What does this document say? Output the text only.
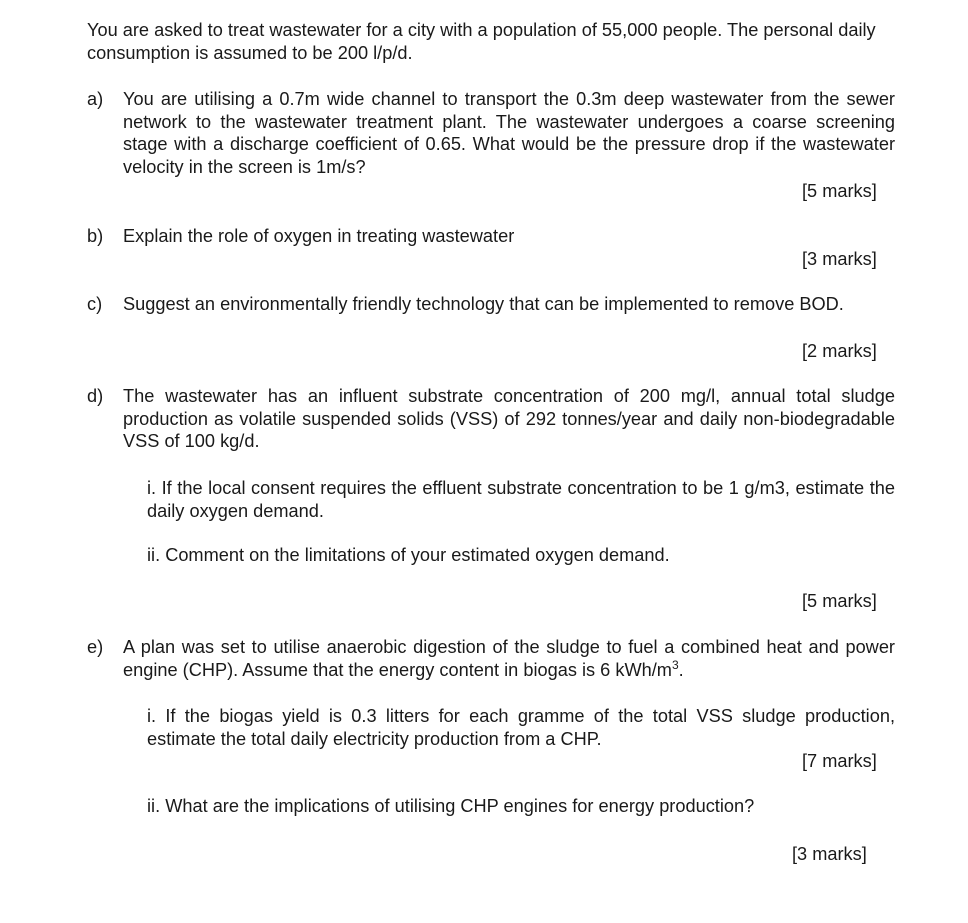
You are asked to treat wastewater for a city with a population of 55,000 people. The personal daily consumption is assumed to be 200 l/p/d.
a) You are utilising a 0.7m wide channel to transport the 0.3m deep wastewater from the sewer network to the wastewater treatment plant. The wastewater undergoes a coarse screening stage with a discharge coefficient of 0.65. What would be the pressure drop if the wastewater velocity in the screen is 1m/s?
[5 marks]
b) Explain the role of oxygen in treating wastewater
[3 marks]
c) Suggest an environmentally friendly technology that can be implemented to remove BOD.
[2 marks]
d) The wastewater has an influent substrate concentration of 200 mg/l, annual total sludge production as volatile suspended solids (VSS) of 292 tonnes/year and daily non-biodegradable VSS of 100 kg/d.
i. If the local consent requires the effluent substrate concentration to be 1 g/m3, estimate the daily oxygen demand.
ii. Comment on the limitations of your estimated oxygen demand.
[5 marks]
e) A plan was set to utilise anaerobic digestion of the sludge to fuel a combined heat and power engine (CHP). Assume that the energy content in biogas is 6 kWh/$m^3$.
i. If the biogas yield is 0.3 litters for each gramme of the total VSS sludge production, estimate the total daily electricity production from a CHP.
[7 marks]
ii. What are the implications of utilising CHP engines for energy production?
[3 marks]
